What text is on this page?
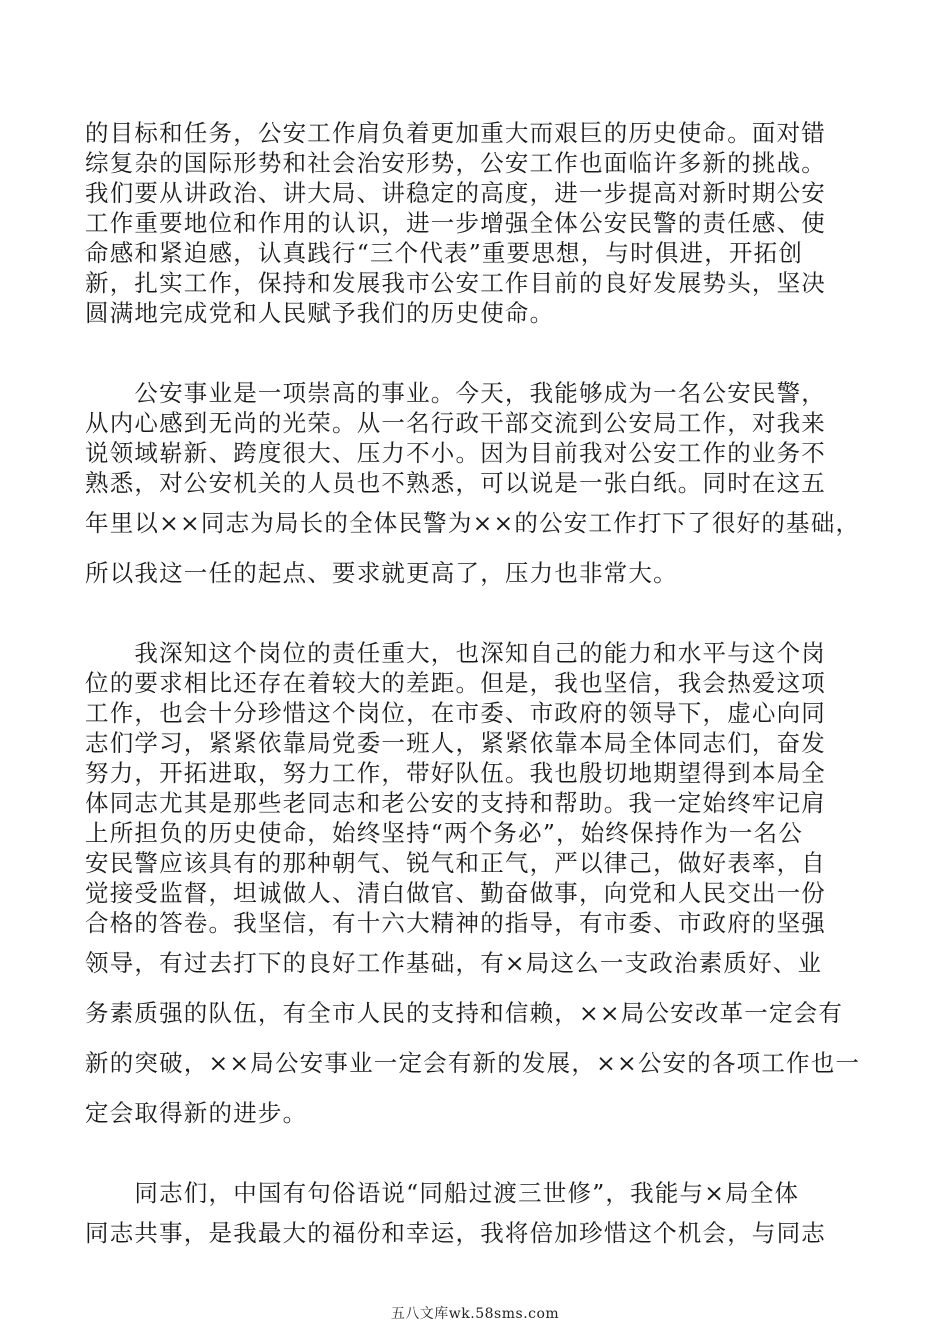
的目标和任务，公安工作肩负着更加重大而艰巨的历史使命。面对错
综复杂的国际形势和社会治安形势，公安工作也面临许多新的挑战。
我们要从讲政治、讲大局、讲稳定的高度，进一步提高对新时期公安
工作重要地位和作用的认识，进一步增强全体公安民警的责任感、使
命感和紧迫感，认真践行“三个代表”重要思想，与时俱进，开拓创
新，扎实工作，保持和发展我市公安工作目前的良好发展势头，坚决
圆满地完成党和人民赋予我们的历史使命。
　　公安事业是一项崇高的事业。今天，我能够成为一名公安民警，
从内心感到无尚的光荣。从一名行政干部交流到公安局工作，对我来
说领域崭新、跨度很大、压力不小。因为目前我对公安工作的业务不
熟悉，对公安机关的人员也不熟悉，可以说是一张白纸。同时在这五
年里以××同志为局长的全体民警为××的公安工作打下了很好的基础，
所以我这一任的起点、要求就更高了，压力也非常大。
　　我深知这个岗位的责任重大，也深知自己的能力和水平与这个岗
位的要求相比还存在着较大的差距。但是，我也坚信，我会热爱这项
工作，也会十分珍惜这个岗位，在市委、市政府的领导下，虚心向同
志们学习，紧紧依靠局党委一班人，紧紧依靠本局全体同志们，奋发
努力，开拓进取，努力工作，带好队伍。我也殷切地期望得到本局全
体同志尤其是那些老同志和老公安的支持和帮助。我一定始终牢记肩
上所担负的历史使命，始终坚持“两个务必”，始终保持作为一名公
安民警应该具有的那种朝气、锐气和正气，严以律己，做好表率，自
觉接受监督，坦诚做人、清白做官、勤奋做事，向党和人民交出一份
合格的答卷。我坚信，有十六大精神的指导，有市委、市政府的坚强
领导，有过去打下的良好工作基础，有×局这么一支政治素质好、业
务素质强的队伍，有全市人民的支持和信赖，××局公安改革一定会有
新的突破，××局公安事业一定会有新的发展，××公安的各项工作也一
定会取得新的进步。
　　同志们，中国有句俗语说“同船过渡三世修”，我能与×局全体
同志共事，是我最大的福份和幸运，我将倍加珍惜这个机会，与同志
五八文库wk.58sms.com
